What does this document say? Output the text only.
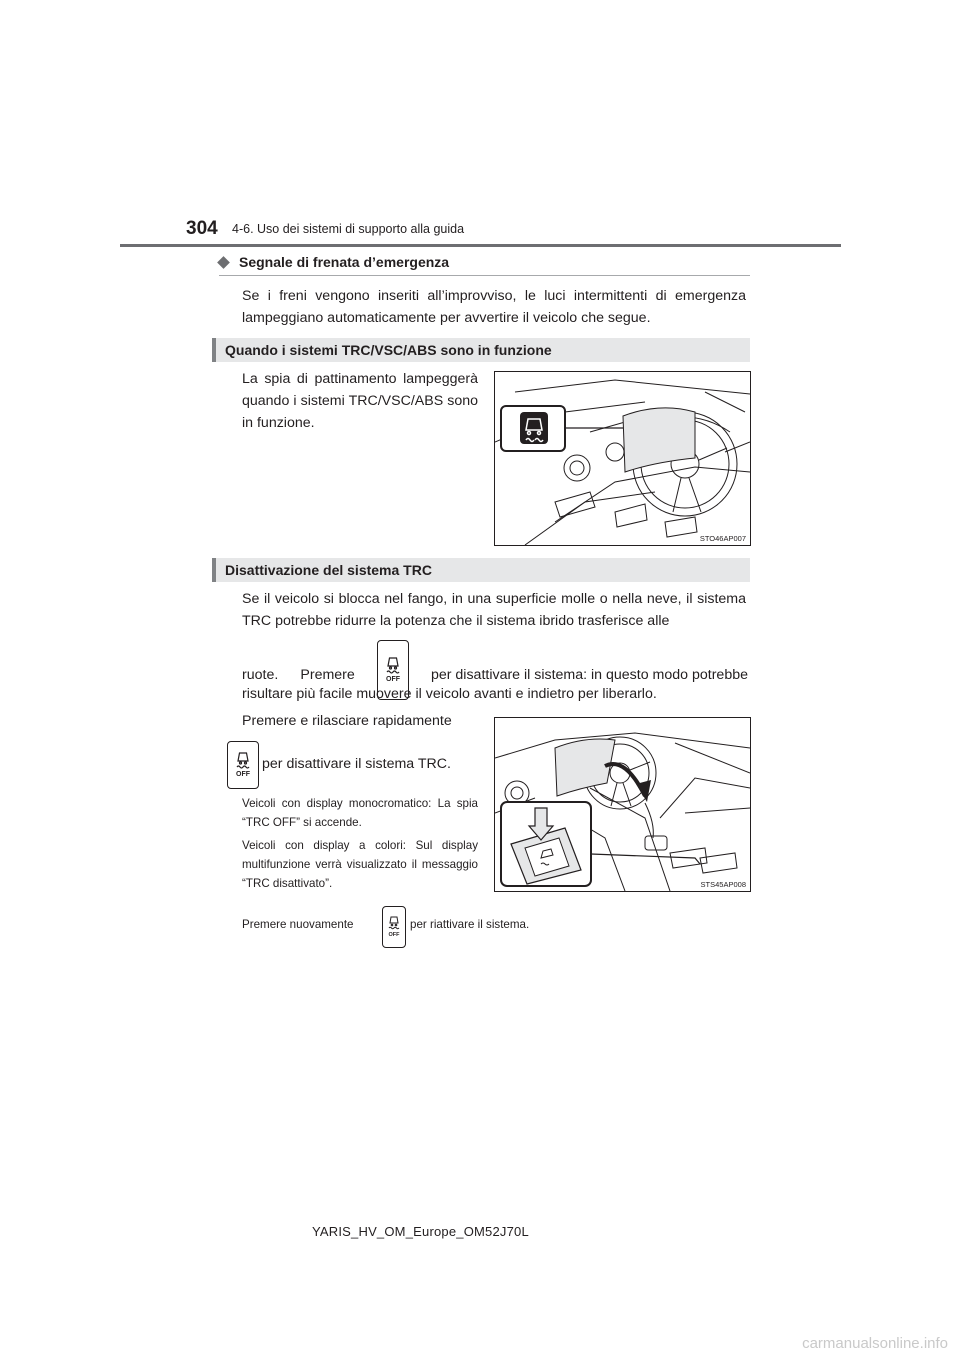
304 4-6. Uso dei sistemi di supporto alla guida
Segnale di frenata d’emergenza
Se i freni vengono inseriti all’improvviso, le luci intermittenti di emergenza lampeggiano automaticamente per avvertire il veicolo che segue.
Quando i sistemi TRC/VSC/ABS sono in funzione
La spia di pattinamento lampeggerà quando i sistemi TRC/VSC/ABS sono in funzione.
STO46AP007
Disattivazione del sistema TRC
Se il veicolo si blocca nel fango, in una superficie molle o nella neve, il sistema TRC potrebbe ridurre la potenza che il sistema ibrido trasferisce alle
ruote. Premere	OFF per disattivare il sistema: in questo modo potrebbe
risultare più facile muovere il veicolo avanti e indietro per liberarlo.
Premere e rilasciare rapidamente
OFF
per disattivare il sistema TRC.
Veicoli con display monocromatico: La spia “TRC OFF” si accende.
Veicoli con display a colori: Sul display multifunzione verrà visualizzato il messaggio “TRC disattivato”.
Premere nuovamente
OFF
per riattivare il sistema.
STS45AP008
YARIS_HV_OM_Europe_OM52J70L
carmanualsonline.info
